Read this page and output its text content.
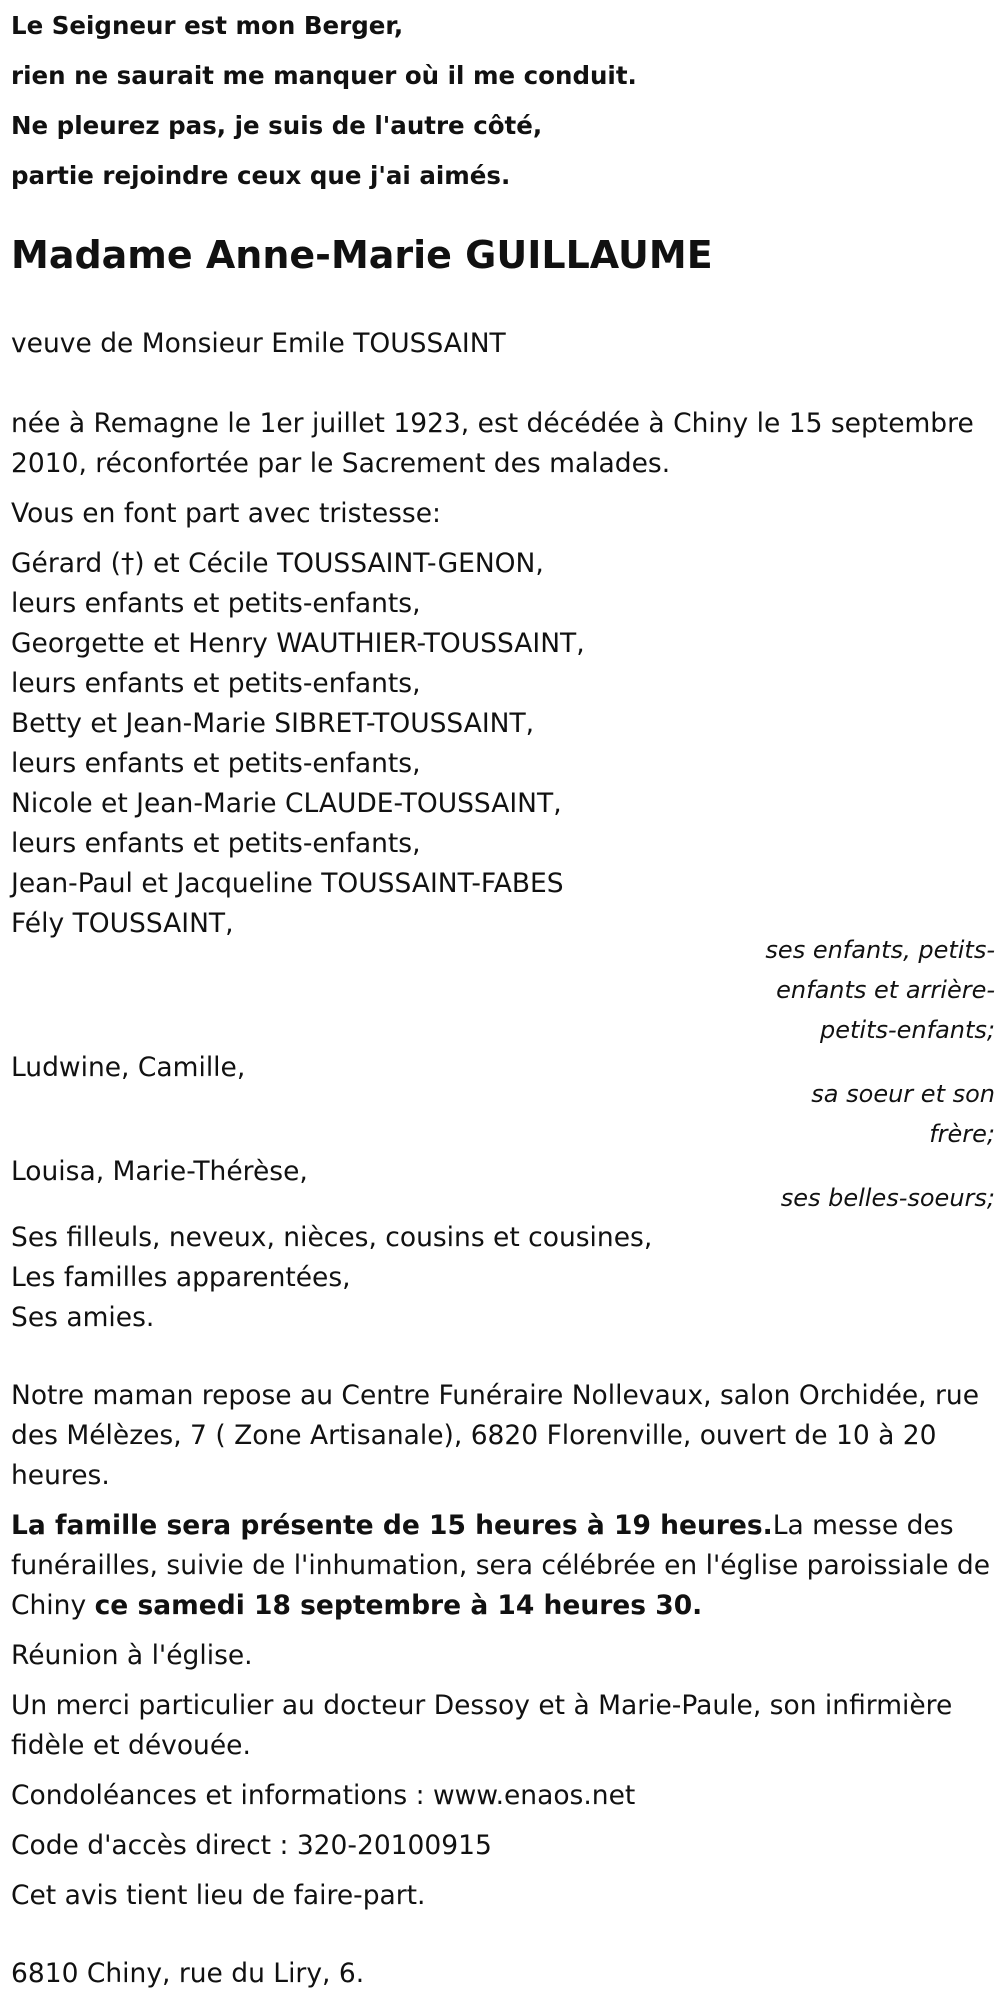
Le Seigneur est mon Berger,
rien ne saurait me manquer où il me conduit.
Ne pleurez pas, je suis de l'autre côté,
partie rejoindre ceux que j'ai aimés.
Madame Anne-Marie GUILLAUME
veuve de Monsieur Emile TOUSSAINT
née à Remagne le 1er juillet 1923, est décédée à Chiny le 15 septembre
2010, réconfortée par le Sacrement des malades.
Vous en font part avec tristesse:
Gérard (†) et Cécile TOUSSAINT-GENON,
leurs enfants et petits-enfants,
Georgette et Henry WAUTHIER-TOUSSAINT,
leurs enfants et petits-enfants,
Betty et Jean-Marie SIBRET-TOUSSAINT,
leurs enfants et petits-enfants,
Nicole et Jean-Marie CLAUDE-TOUSSAINT,
leurs enfants et petits-enfants,
Jean-Paul et Jacqueline TOUSSAINT-FABES
Fély TOUSSAINT,
ses enfants, petits-
enfants et arrière-
petits-enfants;
Ludwine, Camille,
sa soeur et son
frère;
Louisa, Marie-Thérèse,
ses belles-soeurs;
Ses filleuls, neveux, nièces, cousins et cousines,
Les familles apparentées,
Ses amies.
Notre maman repose au Centre Funéraire Nollevaux, salon Orchidée, rue
des Mélèzes, 7 ( Zone Artisanale), 6820 Florenville, ouvert de 10 à 20
heures.
La famille sera présente de 15 heures à 19 heures.La messe des
funérailles, suivie de l'inhumation, sera célébrée en l'église paroissiale de
Chiny ce samedi 18 septembre à 14 heures 30.
Réunion à l'église.
Un merci particulier au docteur Dessoy et à Marie-Paule, son infirmière
fidèle et dévouée.
Condoléances et informations : www.enaos.net
Code d'accès direct : 320-20100915
Cet avis tient lieu de faire-part.
6810 Chiny, rue du Liry, 6.
